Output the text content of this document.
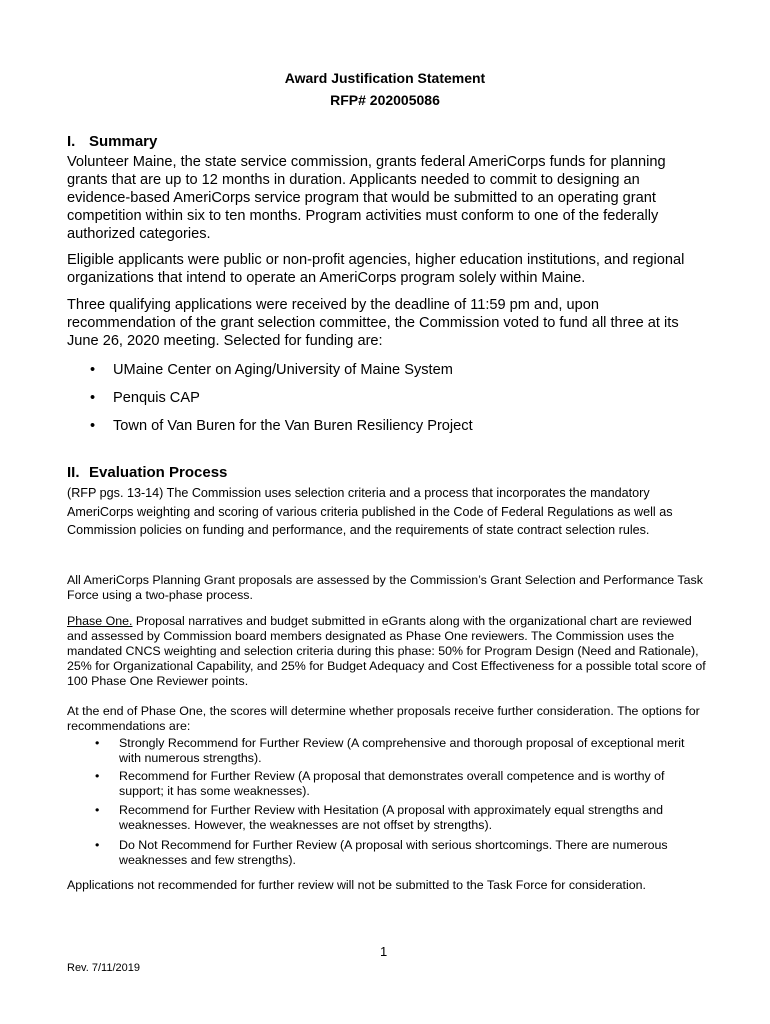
Award Justification Statement
RFP# 202005086
I. Summary
Volunteer Maine, the state service commission, grants federal AmeriCorps funds for planning grants that are up to 12 months in duration. Applicants needed to commit to designing an evidence-based AmeriCorps service program that would be submitted to an operating grant competition within six to ten months. Program activities must conform to one of the federally authorized categories.
Eligible applicants were public or non-profit agencies, higher education institutions, and regional organizations that intend to operate an AmeriCorps program solely within Maine.
Three qualifying applications were received by the deadline of 11:59 pm and, upon recommendation of the grant selection committee, the Commission voted to fund all three at its June 26, 2020 meeting. Selected for funding are:
• UMaine Center on Aging/University of Maine System
• Penquis CAP
• Town of Van Buren for the Van Buren Resiliency Project
II. Evaluation Process
(RFP pgs. 13-14) The Commission uses selection criteria and a process that incorporates the mandatory AmeriCorps weighting and scoring of various criteria published in the Code of Federal Regulations as well as Commission policies on funding and performance, and the requirements of state contract selection rules.
All AmeriCorps Planning Grant proposals are assessed by the Commission’s Grant Selection and Performance Task Force using a two-phase process.
Phase One. Proposal narratives and budget submitted in eGrants along with the organizational chart are reviewed and assessed by Commission board members designated as Phase One reviewers. The Commission uses the mandated CNCS weighting and selection criteria during this phase: 50% for Program Design (Need and Rationale), 25% for Organizational Capability, and 25% for Budget Adequacy and Cost Effectiveness for a possible total score of 100 Phase One Reviewer points.
At the end of Phase One, the scores will determine whether proposals receive further consideration. The options for recommendations are:
• Strongly Recommend for Further Review (A comprehensive and thorough proposal of exceptional merit with numerous strengths).
• Recommend for Further Review (A proposal that demonstrates overall competence and is worthy of support; it has some weaknesses).
• Recommend for Further Review with Hesitation (A proposal with approximately equal strengths and weaknesses. However, the weaknesses are not offset by strengths).
• Do Not Recommend for Further Review (A proposal with serious shortcomings. There are numerous weaknesses and few strengths).
Applications not recommended for further review will not be submitted to the Task Force for consideration.
1
Rev. 7/11/2019
